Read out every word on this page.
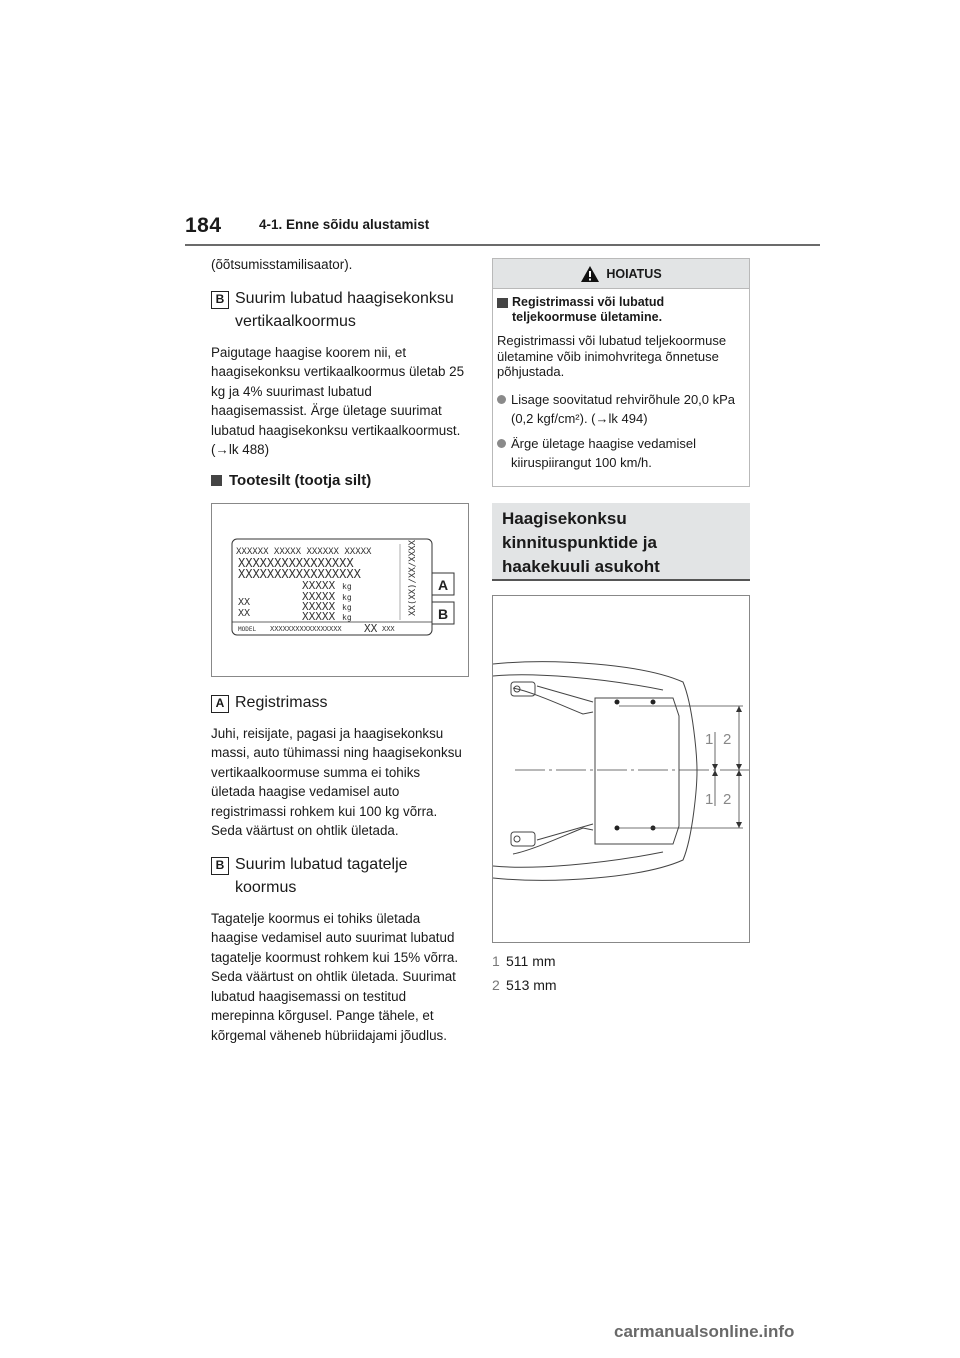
184	4-1. Enne sõidu alustamist

(õõtsumisstamilisaator).

B Suurim lubatud haagisekonksu
vertikaalkoormus

Paigutage haagise koorem nii, et haagisekonksu vertikaalkoormus ületab 25 kg ja 4% suurimast lubatud haagisemassist. Ärge ületage suurimat lubatud haagisekonksu vertikaalkoormust. (→lk 488)

Tootesilt (tootja silt)
XXXXXX XXXXX XXXXXX XXXXX
XXXXXXXXXXXXXXXX
XXXXXXXXXXXXXXXXX
XXXXX
XXXXX
XXXXX
XXXXX
kg
kg
kg
kg
XX
XX
MODEL XXXXXXXXXXXXXXXXX XX XXX
XX(XX)/XX/XXXX A
B
A Registrimass

Juhi, reisijate, pagasi ja haagisekonksu massi, auto tühimassi ning haagisekonksu vertikaalkoormuse summa ei tohiks ületada haagise vedamisel auto registrimassi rohkem kui 100 kg võrra. Seda väärtust on ohtlik ületada.

B Suurim lubatud tagatelje
koormus

Tagatelje koormus ei tohiks ületada haagise vedamisel auto suurimat lubatud tagatelje koormust rohkem kui 15% võrra. Seda väärtust on ohtlik ületada. Suurimat lubatud haagisemassi on testitud merepinna kõrgusel. Pange tähele, et kõrgemal väheneb hübriidajami jõudlus.

HOIATUS
Registrimassi või lubatud teljekoormuse ületamine.

Registrimassi või lubatud teljekoormuse ületamine võib inimohvritega õnnetuse põhjustada.

Lisage soovitatud rehvirõhule 20,0 kPa (0,2 kgf/cm²). (→lk 494)
Ärge ületage haagise vedamisel kiiruspiirangut 100 km/h.
Haagisekonksu kinnituspunktide ja haakekuuli asukoht
1 2
1 2
1 511 mm
2 513 mm
carmanualsonline.info
